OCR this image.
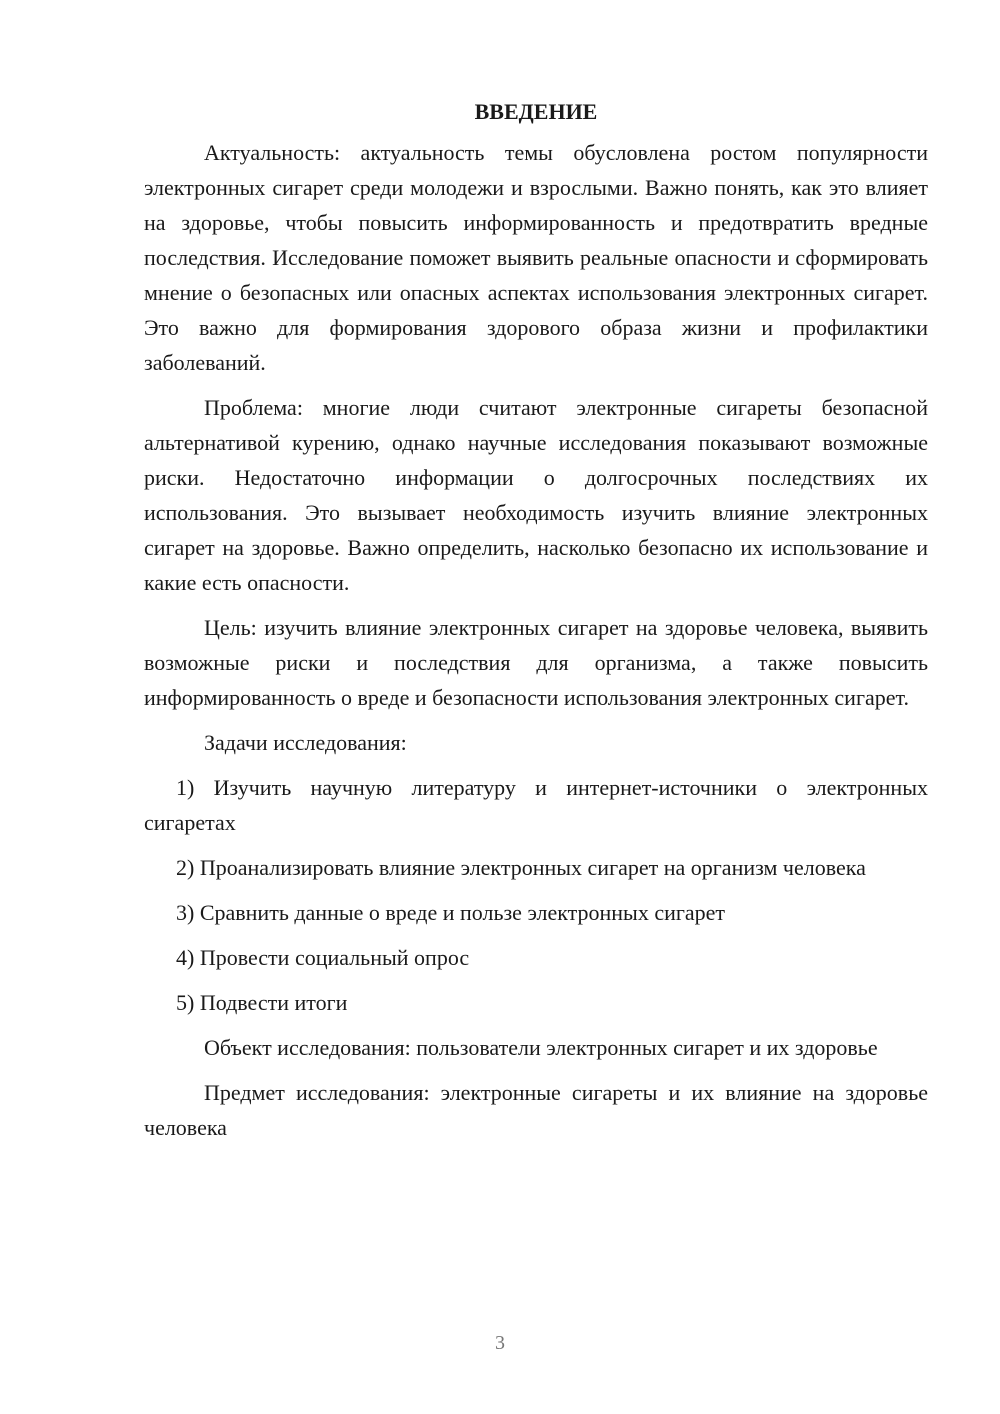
ВВЕДЕНИЕ

Актуальность: актуальность темы обусловлена ростом популярности электронных сигарет среди молодежи и взрослыми. Важно понять, как это влияет на здоровье, чтобы повысить информированность и предотвратить вредные последствия. Исследование поможет выявить реальные опасности и сформировать мнение о безопасных или опасных аспектах использования электронных сигарет. Это важно для формирования здорового образа жизни и профилактики заболеваний.

Проблема: многие люди считают электронные сигареты безопасной альтернативой курению, однако научные исследования показывают возможные риски. Недостаточно информации о долгосрочных последствиях их использования. Это вызывает необходимость изучить влияние электронных сигарет на здоровье. Важно определить, насколько безопасно их использование и какие есть опасности.

Цель: изучить влияние электронных сигарет на здоровье человека, выявить возможные риски и последствия для организма, а также повысить информированность о вреде и безопасности использования электронных сигарет.

Задачи исследования:

1) Изучить научную литературу и интернет-источники о электронных сигаретах

2) Проанализировать влияние электронных сигарет на организм человека

3) Сравнить данные о вреде и пользе электронных сигарет

4) Провести социальный опрос

5) Подвести итоги

Объект исследования: пользователи электронных сигарет и их здоровье

Предмет исследования: электронные сигареты и их влияние на здоровье человека

3
